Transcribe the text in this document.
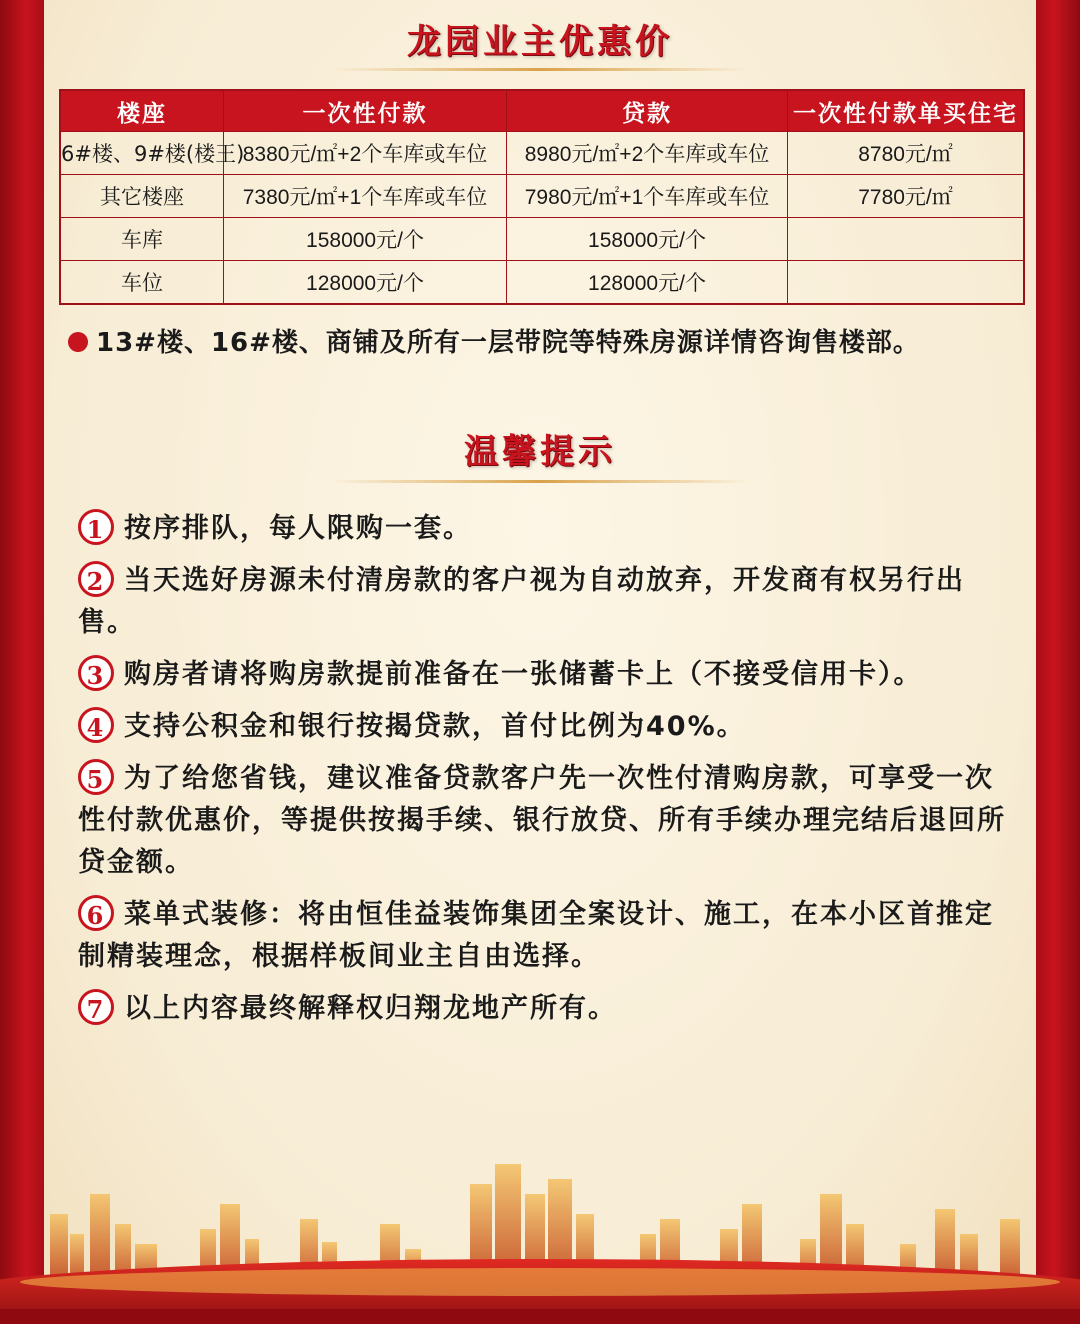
龙园业主优惠价
楼座	一次性付款	贷款	一次性付款单买住宅
6#楼、9#楼(楼王)	8380元/㎡+2个车库或车位	8980元/㎡+2个车库或车位	8780元/㎡
其它楼座	7380元/㎡+1个车库或车位	7980元/㎡+1个车库或车位	7780元/㎡
车库	158000元/个	158000元/个	
车位	128000元/个	128000元/个	
13#楼、16#楼、商铺及所有一层带院等特殊房源详情咨询售楼部。
温馨提示
1 按序排队，每人限购一套。
2 当天选好房源未付清房款的客户视为自动放弃，开发商有权另行出售。
3 购房者请将购房款提前准备在一张储蓄卡上（不接受信用卡）。
4 支持公积金和银行按揭贷款，首付比例为40%。
5 为了给您省钱，建议准备贷款客户先一次性付清购房款，可享受一次性付款优惠价，等提供按揭手续、银行放贷、所有手续办理完结后退回所贷金额。
6 菜单式装修：将由恒佳益装饰集团全案设计、施工，在本小区首推定制精装理念，根据样板间业主自由选择。
7 以上内容最终解释权归翔龙地产所有。
